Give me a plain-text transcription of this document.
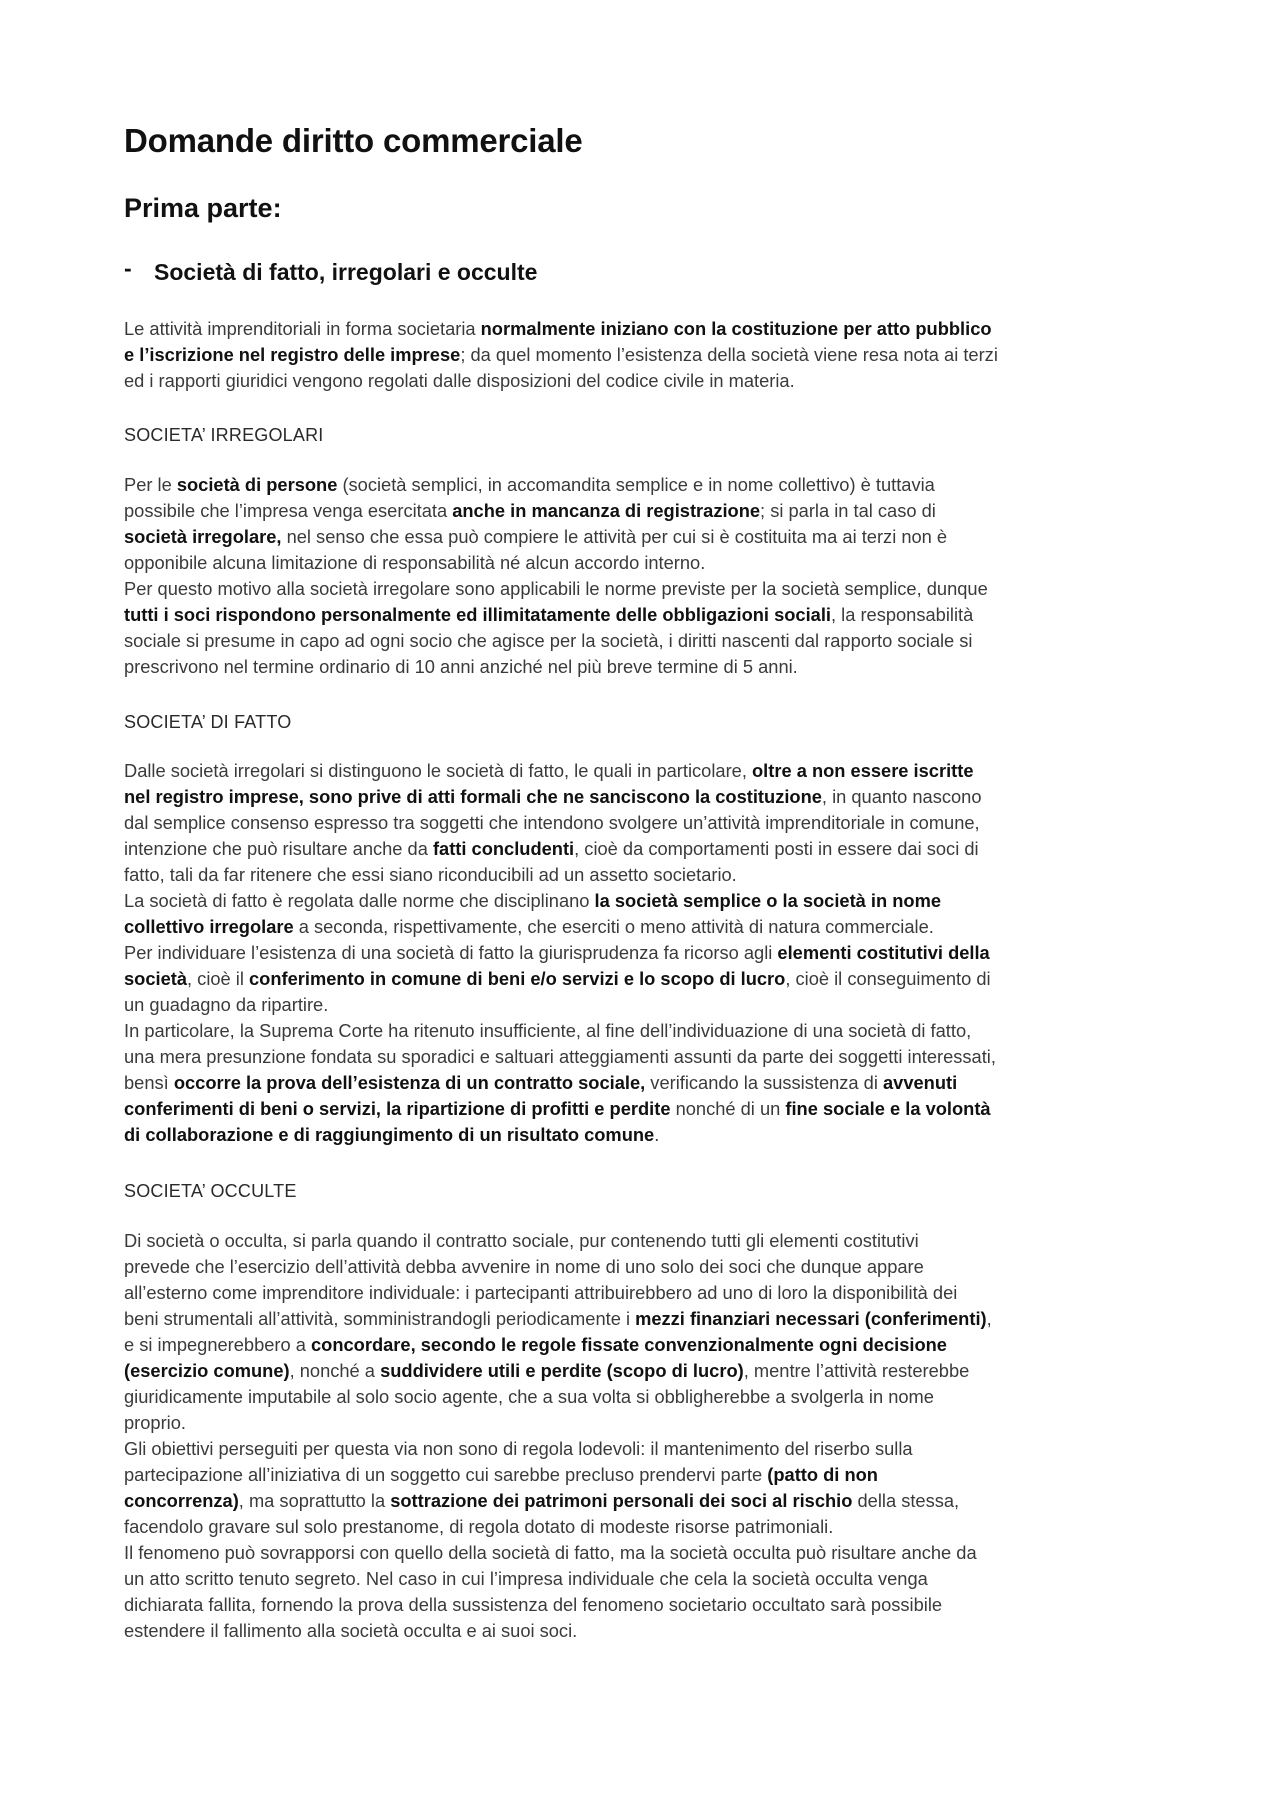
Domande diritto commerciale
Prima parte:
- Società di fatto, irregolari e occulte
Le attività imprenditoriali in forma societaria normalmente iniziano con la costituzione per atto pubblico
e l’iscrizione nel registro delle imprese; da quel momento l’esistenza della società viene resa nota ai terzi
ed i rapporti giuridici vengono regolati dalle disposizioni del codice civile in materia.
SOCIETA’ IRREGOLARI
Per le società di persone (società semplici, in accomandita semplice e in nome collettivo) è tuttavia
possibile che l’impresa venga esercitata anche in mancanza di registrazione; si parla in tal caso di
società irregolare, nel senso che essa può compiere le attività per cui si è costituita ma ai terzi non è
opponibile alcuna limitazione di responsabilità né alcun accordo interno.
Per questo motivo alla società irregolare sono applicabili le norme previste per la società semplice, dunque
tutti i soci rispondono personalmente ed illimitatamente delle obbligazioni sociali, la responsabilità
sociale si presume in capo ad ogni socio che agisce per la società, i diritti nascenti dal rapporto sociale si
prescrivono nel termine ordinario di 10 anni anziché nel più breve termine di 5 anni.
SOCIETA’ DI FATTO
Dalle società irregolari si distinguono le società di fatto, le quali in particolare, oltre a non essere iscritte
nel registro imprese, sono prive di atti formali che ne sanciscono la costituzione, in quanto nascono
dal semplice consenso espresso tra soggetti che intendono svolgere un’attività imprenditoriale in comune,
intenzione che può risultare anche da fatti concludenti, cioè da comportamenti posti in essere dai soci di
fatto, tali da far ritenere che essi siano riconducibili ad un assetto societario.
La società di fatto è regolata dalle norme che disciplinano la società semplice o la società in nome
collettivo irregolare a seconda, rispettivamente, che eserciti o meno attività di natura commerciale.
Per individuare l’esistenza di una società di fatto la giurisprudenza fa ricorso agli elementi costitutivi della
società, cioè il conferimento in comune di beni e/o servizi e lo scopo di lucro, cioè il conseguimento di
un guadagno da ripartire.
In particolare, la Suprema Corte ha ritenuto insufficiente, al fine dell’individuazione di una società di fatto,
una mera presunzione fondata su sporadici e saltuari atteggiamenti assunti da parte dei soggetti interessati,
bensì occorre la prova dell’esistenza di un contratto sociale, verificando la sussistenza di avvenuti
conferimenti di beni o servizi, la ripartizione di profitti e perdite nonché di un fine sociale e la volontà
di collaborazione e di raggiungimento di un risultato comune.
SOCIETA’ OCCULTE
Di società o occulta, si parla quando il contratto sociale, pur contenendo tutti gli elementi costitutivi
prevede che l’esercizio dell’attività debba avvenire in nome di uno solo dei soci che dunque appare
all’esterno come imprenditore individuale: i partecipanti attribuirebbero ad uno di loro la disponibilità dei
beni strumentali all’attività, somministrandogli periodicamente i mezzi finanziari necessari (conferimenti),
e si impegnerebbero a concordare, secondo le regole fissate convenzionalmente ogni decisione
(esercizio comune), nonché a suddividere utili e perdite (scopo di lucro), mentre l’attività resterebbe
giuridicamente imputabile al solo socio agente, che a sua volta si obbligherebbe a svolgerla in nome
proprio.
Gli obiettivi perseguiti per questa via non sono di regola lodevoli: il mantenimento del riserbo sulla
partecipazione all’iniziativa di un soggetto cui sarebbe precluso prendervi parte (patto di non
concorrenza), ma soprattutto la sottrazione dei patrimoni personali dei soci al rischio della stessa,
facendolo gravare sul solo prestanome, di regola dotato di modeste risorse patrimoniali.
Il fenomeno può sovrapporsi con quello della società di fatto, ma la società occulta può risultare anche da
un atto scritto tenuto segreto. Nel caso in cui l’impresa individuale che cela la società occulta venga
dichiarata fallita, fornendo la prova della sussistenza del fenomeno societario occultato sarà possibile
estendere il fallimento alla società occulta e ai suoi soci.
